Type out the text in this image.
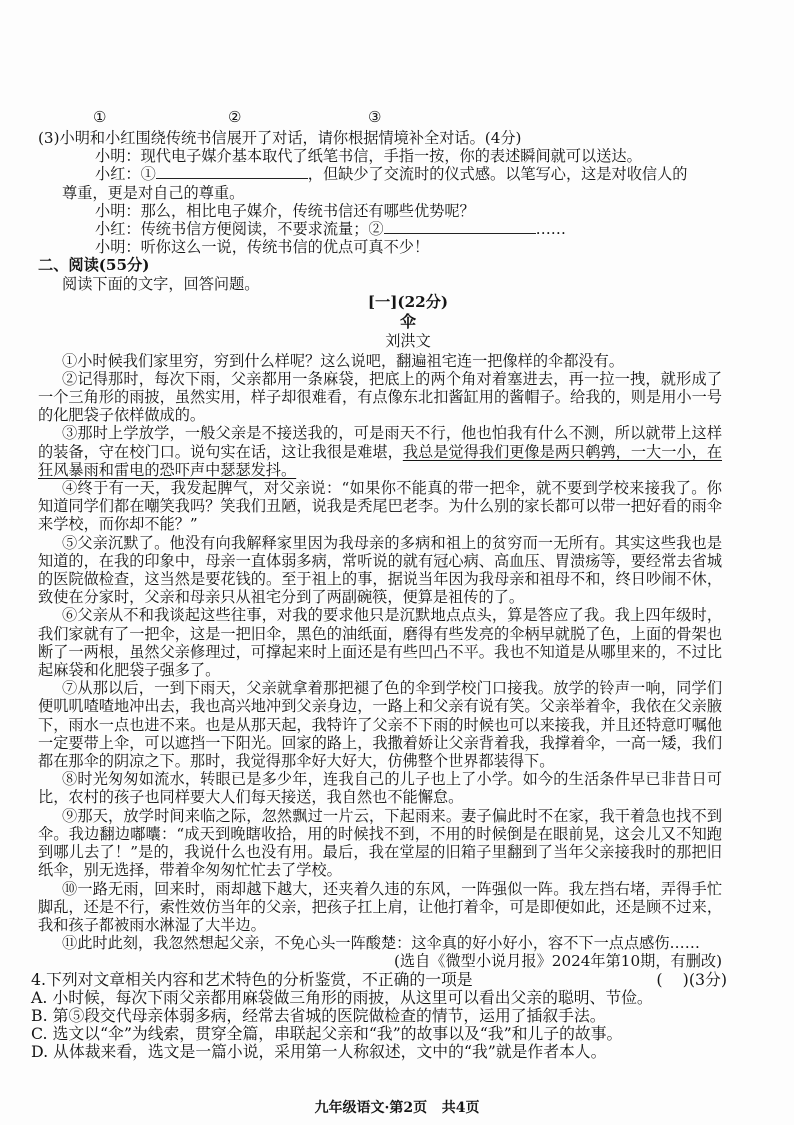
①	②	③
(3)小明和小红围绕传统书信展开了对话，请你根据情境补全对话。(4分)
小明：现代电子媒介基本取代了纸笔书信，手指一按，你的表述瞬间就可以送达。
小红：①	，但缺少了交流时的仪式感。以笔写心，这是对收信人的
尊重，更是对自己的尊重。
小明：那么，相比电子媒介，传统书信还有哪些优势呢？
小红：传统书信方便阅读，不要求流量；②	……
小明：听你这么一说，传统书信的优点可真不少！
二、阅读(55分)
阅读下面的文字，回答问题。
[一](22分)
伞
刘洪文

①小时候我们家里穷，穷到什么样呢？这么说吧，翻遍祖宅连一把像样的伞都没有。

②记得那时，每次下雨，父亲都用一条麻袋，把底上的两个角对着塞进去，再一拉一拽，就形成了一个三角形的雨披，虽然实用，样子却很难看，有点像东北扣酱缸用的酱帽子。给我的，则是用小一号的化肥袋子依样做成的。

③那时上学放学，一般父亲是不接送我的，可是雨天不行，他也怕我有什么不测，所以就带上这样的装备，守在校门口。说句实在话，这让我很是难堪，我总是觉得我们更像是两只鹌鹑，一大一小，在狂风暴雨和雷电的恐吓声中瑟瑟发抖。

④终于有一天，我发起脾气，对父亲说：“如果你不能真的带一把伞，就不要到学校来接我了。你知道同学们都在嘲笑我吗？笑我们丑陋，说我是秃尾巴老李。为什么别的家长都可以带一把好看的雨伞来学校，而你却不能？”

⑤父亲沉默了。他没有向我解释家里因为我母亲的多病和祖上的贫穷而一无所有。其实这些我也是知道的，在我的印象中，母亲一直体弱多病，常听说的就有冠心病、高血压、胃溃疡等，要经常去省城的医院做检查，这当然是要花钱的。至于祖上的事，据说当年因为我母亲和祖母不和，终日吵闹不休，致使在分家时，父亲和母亲只从祖宅分到了两副碗筷，便算是祖传的了。

⑥父亲从不和我谈起这些往事，对我的要求他只是沉默地点点头，算是答应了我。我上四年级时，我们家就有了一把伞，这是一把旧伞，黑色的油纸面，磨得有些发亮的伞柄早就脱了色，上面的骨架也断了一两根，虽然父亲修理过，可撑起来时上面还是有些凹凸不平。我也不知道是从哪里来的，不过比起麻袋和化肥袋子强多了。

⑦从那以后，一到下雨天，父亲就拿着那把褪了色的伞到学校门口接我。放学的铃声一响，同学们便叽叽喳喳地冲出去，我也高兴地冲到父亲身边，一路上和父亲有说有笑。父亲举着伞，我依在父亲腋下，雨水一点也进不来。也是从那天起，我特许了父亲不下雨的时候也可以来接我，并且还特意叮嘱他一定要带上伞，可以遮挡一下阳光。回家的路上，我撒着娇让父亲背着我，我撑着伞，一高一矮，我们都在那伞的阴凉之下。那时，我觉得那伞好大好大，仿佛整个世界都装得下。

⑧时光匆匆如流水，转眼已是多少年，连我自己的儿子也上了小学。如今的生活条件早已非昔日可比，农村的孩子也同样要大人们每天接送，我自然也不能懈怠。

⑨那天，放学时间来临之际，忽然飘过一片云，下起雨来。妻子偏此时不在家，我干着急也找不到伞。我边翻边嘟囔：“成天到晚瞎收拾，用的时候找不到，不用的时候倒是在眼前晃，这会儿又不知跑到哪儿去了！”是的，我说什么也没有用。最后，我在堂屋的旧箱子里翻到了当年父亲接我时的那把旧纸伞，别无选择，带着伞匆匆忙忙去了学校。

⑩一路无雨，回来时，雨却越下越大，还夹着久违的东风，一阵强似一阵。我左挡右堵，弄得手忙脚乱，还是不行，索性效仿当年的父亲，把孩子扛上肩，让他打着伞，可是即便如此，还是顾不过来，我和孩子都被雨水淋湿了大半边。

⑪此时此刻，我忽然想起父亲，不免心头一阵酸楚：这伞真的好小好小，容不下一点点感伤……

(选自《微型小说月报》2024年第10期，有删改)
4.下列对文章相关内容和艺术特色的分析鉴赏，不正确的一项是	(    )(3分)

A. 小时候，每次下雨父亲都用麻袋做三角形的雨披，从这里可以看出父亲的聪明、节俭。

B. 第⑤段交代母亲体弱多病，经常去省城的医院做检查的情节，运用了插叙手法。

C. 选文以“伞”为线索，贯穿全篇，串联起父亲和“我”的故事以及“我”和儿子的故事。

D. 从体裁来看，选文是一篇小说，采用第一人称叙述，文中的“我”就是作者本人。

九年级语文·第2页   共4页
